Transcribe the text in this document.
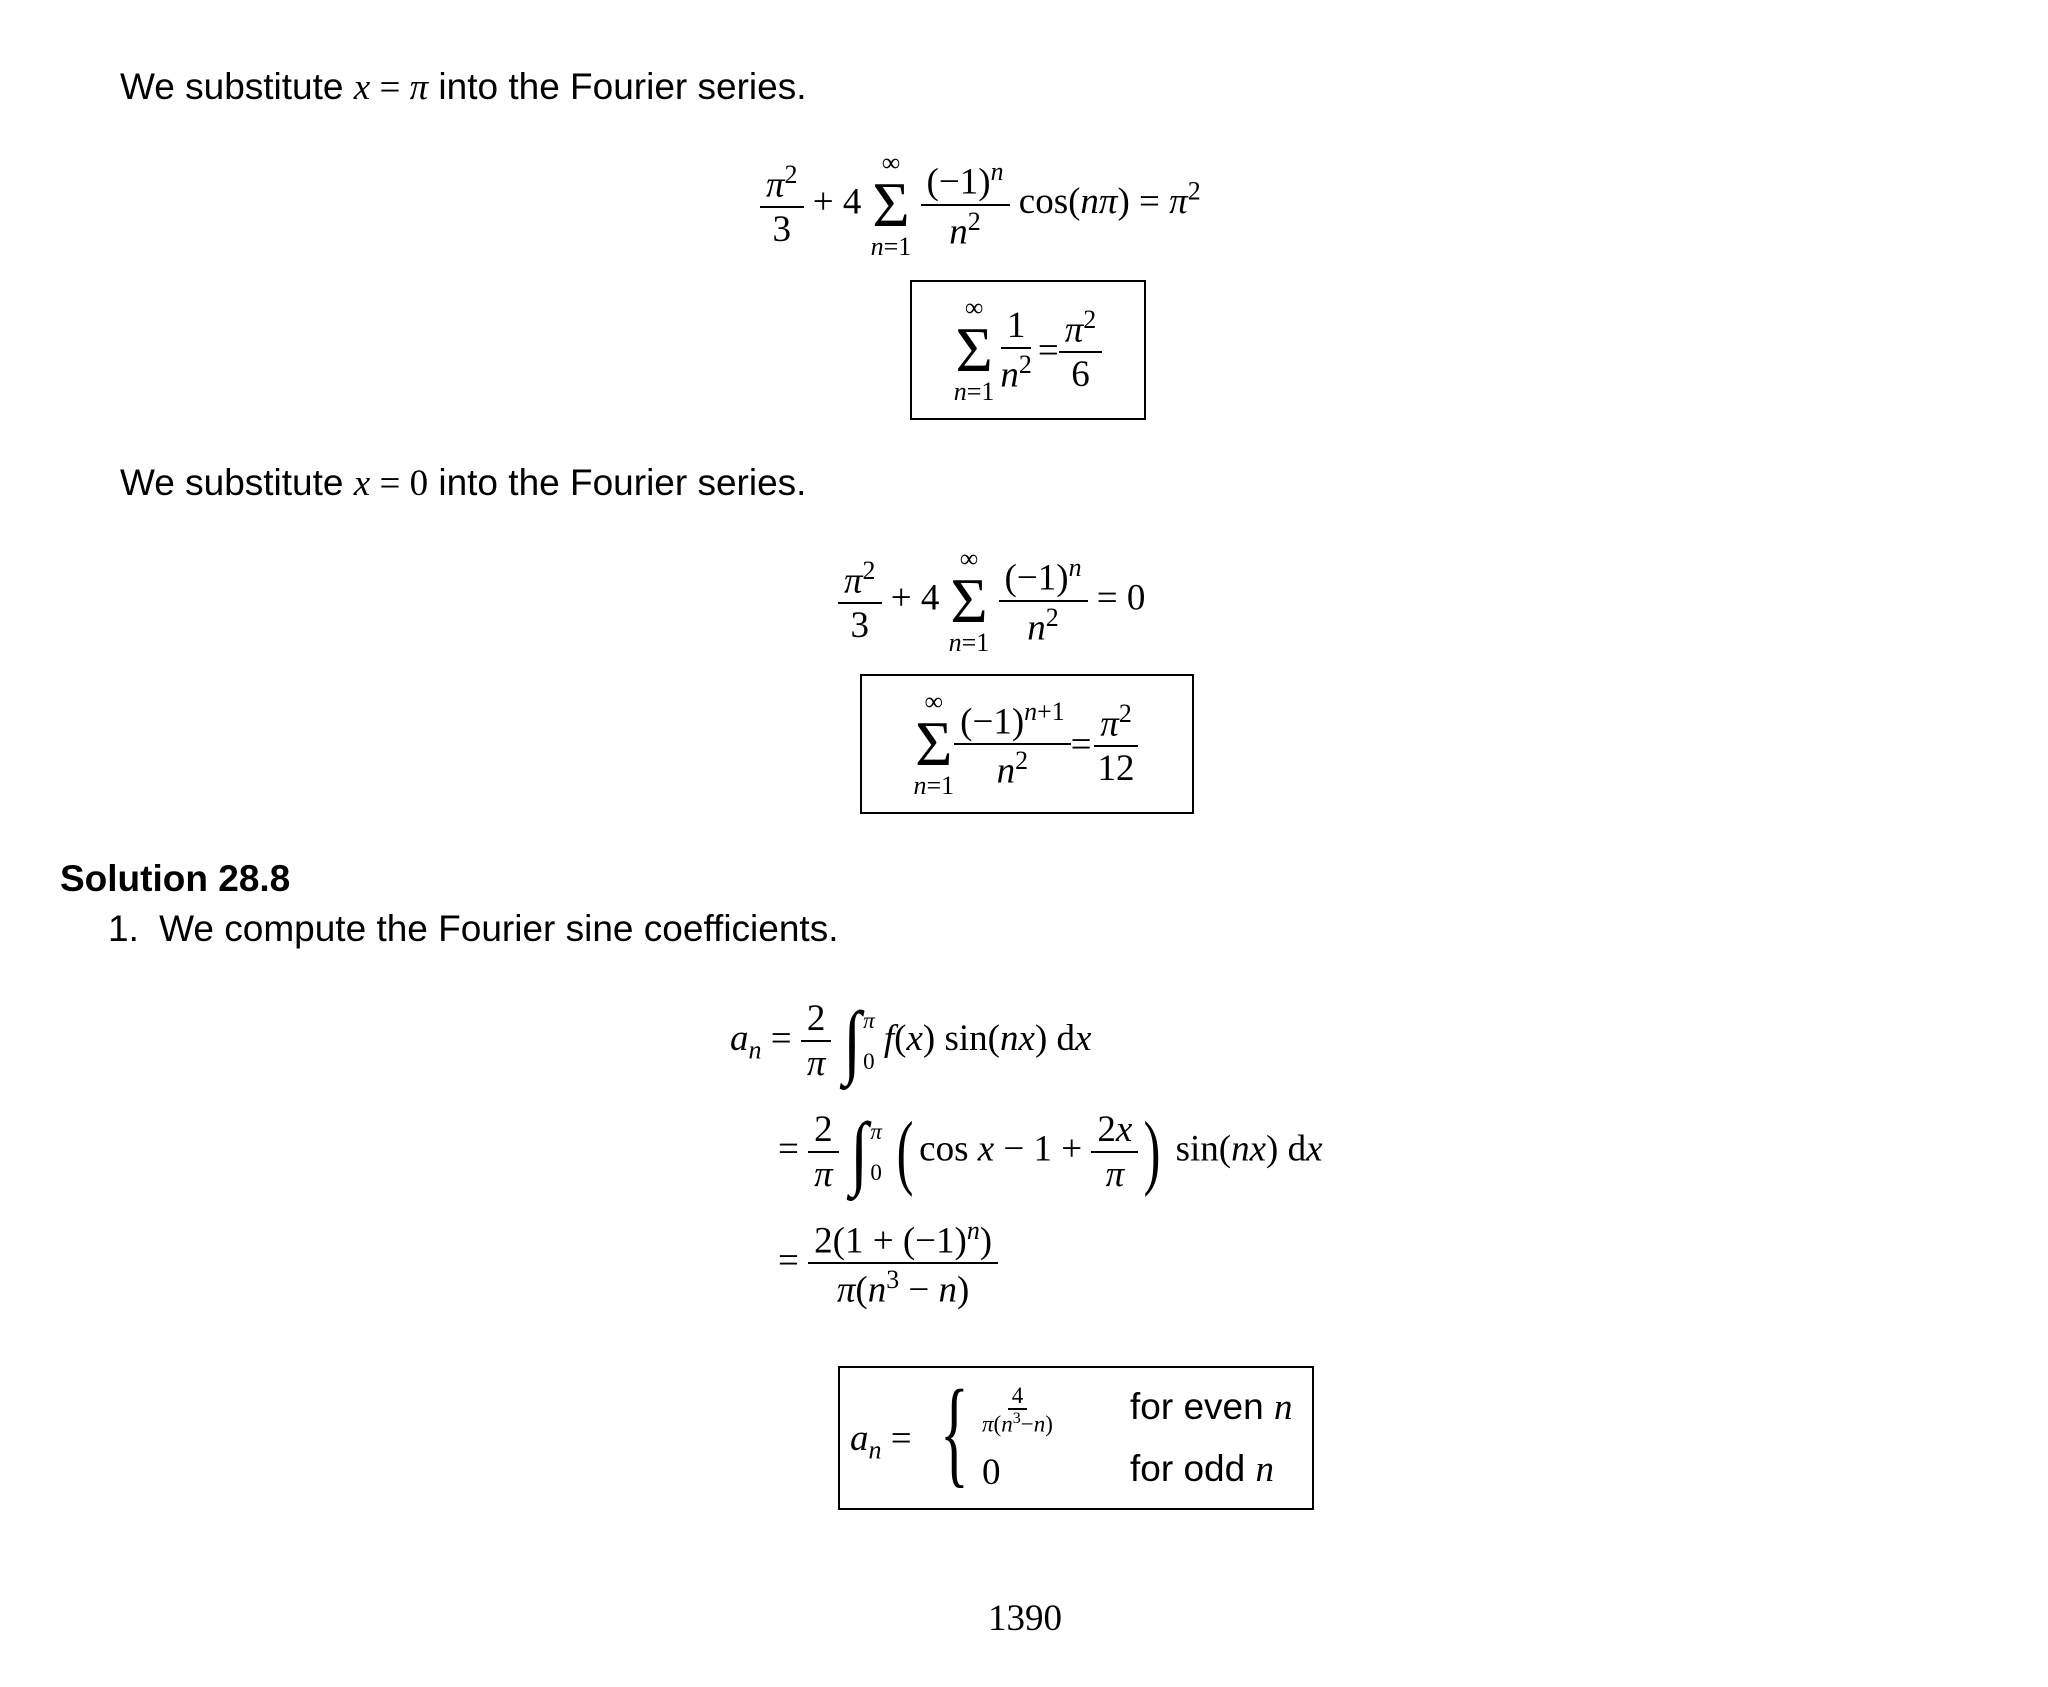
We substitute x = π into the Fourier series.
$\frac{\pi^2}{3} + 4$
∞
Σ
n=1
$\frac{(-1)^n}{n^2} \cos(n\pi) = \pi^2$
∞
Σ
$n=1 \frac{1}{n^2} = \frac{\pi^2}{6}$
We substitute x = 0 into the Fourier series.
$\frac{\pi^2}{3} + 4$
∞
Σ
n=1
$\frac{(-1)^n}{n^2} = 0$
∞
Σ
$n=1 \frac{(-1)^{n+1}}{n^2} = \frac{\pi^2}{12}$
Solution 28.8
1. We compute the Fourier sine coefficients.
$a_n = \frac{2}{\pi}$ ∫ π
0
f(x) sin(nx) dx
= $\frac{2}{\pi}$ ∫ π
0 ( $\cos x - 1 + \frac{2x}{\pi}$ ) sin(nx) dx
= $\frac{2(1 + (-1)^n)}{\pi(n^3 - n)}$
$a_n$ = { $\frac{4}{\pi(n^3-n)}$
0
for even n
for odd n
1390
